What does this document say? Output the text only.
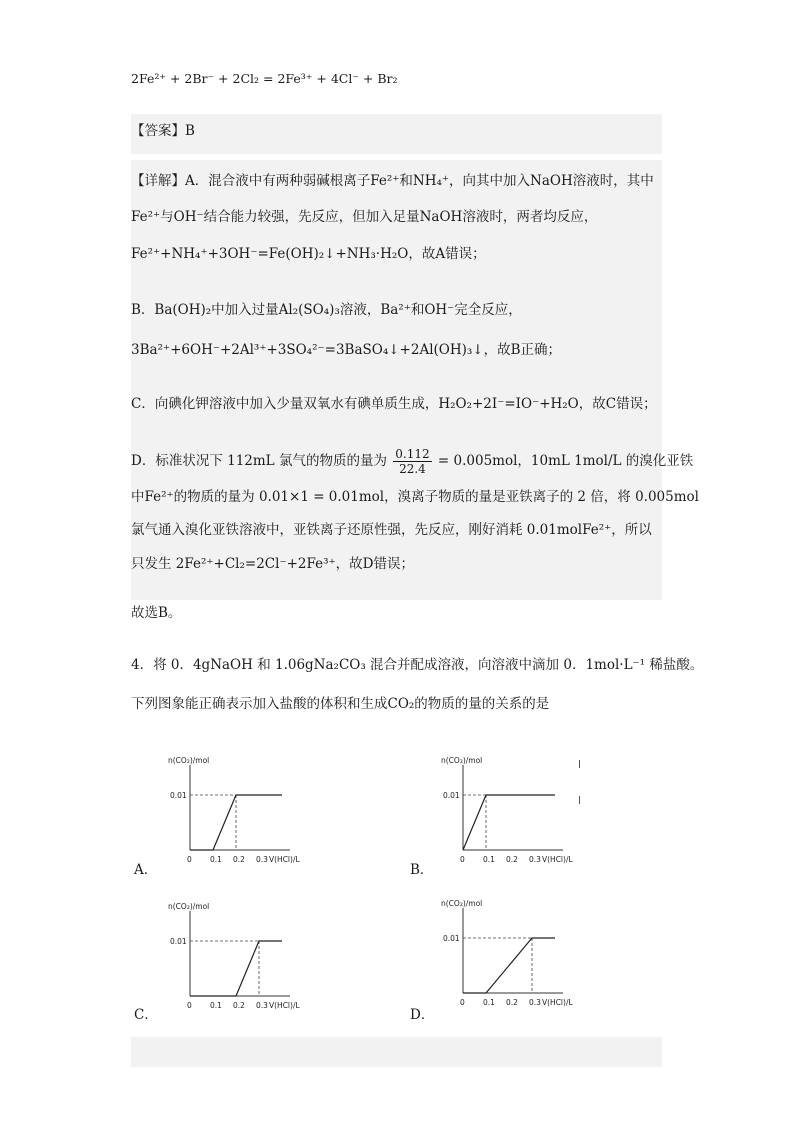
2Fe²⁺ + 2Br⁻ + 2Cl₂ = 2Fe³⁺ + 4Cl⁻ + Br₂
【答案】B
【详解】A．混合液中有两种弱碱根离子Fe²⁺和NH₄⁺，向其中加入NaOH溶液时，其中
Fe²⁺与OH⁻结合能力较强，先反应，但加入足量NaOH溶液时，两者均反应，
Fe²⁺+NH₄⁺+3OH⁻=Fe(OH)₂↓+NH₃·H₂O，故A错误；
B．Ba(OH)₂中加入过量Al₂(SO₄)₃溶液，Ba²⁺和OH⁻完全反应，
3Ba²⁺+6OH⁻+2Al³⁺+3SO₄²⁻=3BaSO₄↓+2Al(OH)₃↓，故B正确；
C．向碘化钾溶液中加入少量双氧水有碘单质生成，H₂O₂+2I⁻=IO⁻+H₂O，故C错误；
D．标准状况下 112mL 氯气的物质的量为 $\frac{0.112}{22.4} = 0.005mol$，10mL 1mol/L 的溴化亚铁
中Fe²⁺的物质的量为 0.01×1 = 0.01mol，溴离子物质的量是亚铁离子的 2 倍，将 0.005mol
氯气通入溴化亚铁溶液中，亚铁离子还原性强，先反应，刚好消耗 0.01molFe²⁺，所以
只发生 2Fe²⁺+Cl₂=2Cl⁻+2Fe³⁺，故D错误；
故选B。
4．将 0．4gNaOH 和 1.06gNa₂CO₃ 混合并配成溶液，向溶液中滴加 0．1mol·L⁻¹ 稀盐酸。
下列图象能正确表示加入盐酸的体积和生成CO₂的物质的量的关系的是
A．	B．
C．	D．
n(CO₂)/mol
0 0.1 0.2 0.3 V(HCl)/L
0.01
n(CO₂)/mol
0 0.1 0.2 0.3 V(HCl)/L
0.01
n(CO₂)/mol
0 0.1 0.2 0.3 V(HCl)/L
0.01
n(CO₂)/mol
0 0.1 0.2 0.3 V(HCl)/L
0.01
